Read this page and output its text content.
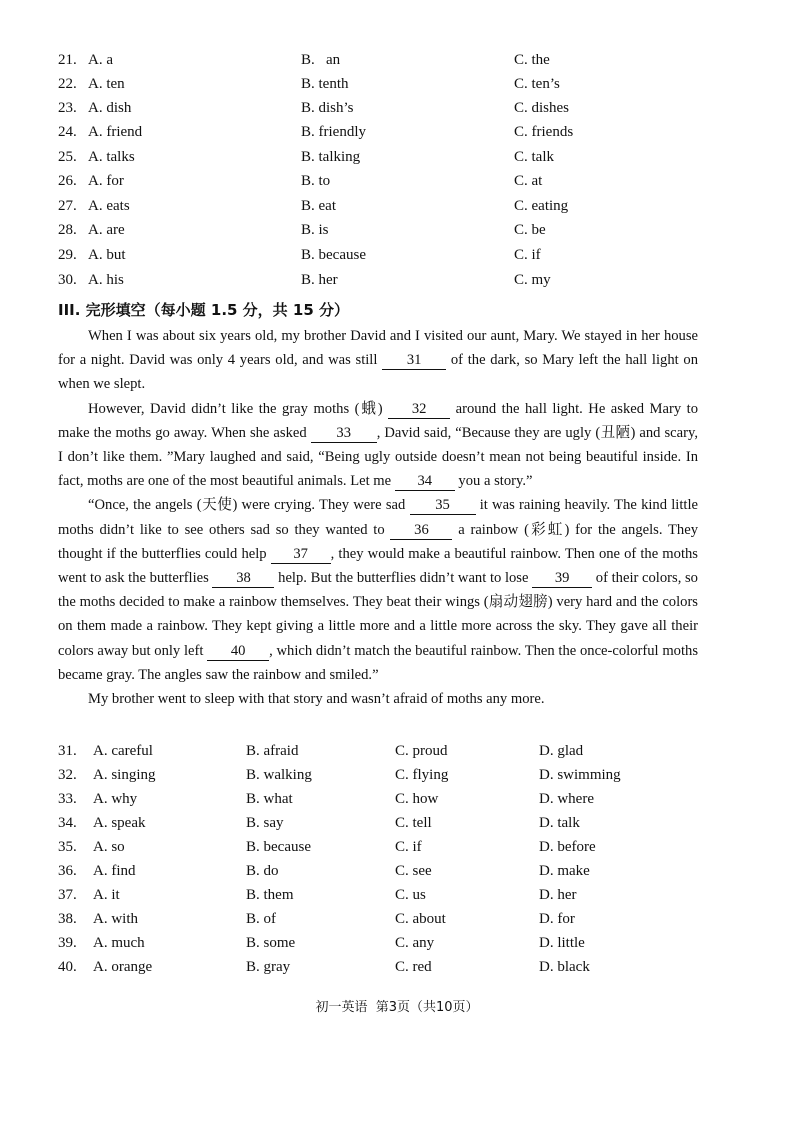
21. A. a	B.   an	C. the
22. A. ten	B. tenth	C. ten’s
23. A. dish	B. dish’s	C. dishes
24. A. friend	B. friendly	C. friends
25. A. talks	B. talking	C. talk
26. A. for	B. to	C. at
27. A. eats	B. eat	C. eating
28. A. are	B. is	C. be
29. A. but	B. because	C. if
30. A. his	B. her	C. my
III. 完形填空（每小题 1.5 分，共 15 分）

When I was about six years old, my brother David and I visited our aunt, Mary. We stayed in her house for a night. David was only 4 years old, and was still 31 of the dark, so Mary left the hall light on when we slept.

However, David didn’t like the gray moths (蛾) 32 around the hall light. He asked Mary to make the moths go away. When she asked 33 , David said, “Because they are ugly (丑陋) and scary, I don’t like them. ”Mary laughed and said, “Being ugly outside doesn’t mean not being beautiful inside. In fact, moths are one of the most beautiful animals. Let me 34 you a story.”

“Once, the angels (天使) were crying. They were sad 35 it was raining heavily. The kind little moths didn’t like to see others sad so they wanted to 36 a rainbow (彩虹) for the angels. They thought if the butterflies could help 37 , they would make a beautiful rainbow. Then one of the moths went to ask the butterflies 38 help. But the butterflies didn’t want to lose 39 of their colors, so the moths decided to make a rainbow themselves. They beat their wings (扇动翅膀) very hard and the colors on them made a rainbow. They kept giving a little more and a little more across the sky. They gave all their colors away but only left 40 , which didn’t match the beautiful rainbow. Then the once-colorful moths became gray. The angles saw the rainbow and smiled.”

My brother went to sleep with that story and wasn’t afraid of moths any more.

31.	A. careful	B. afraid	C. proud	D. glad
32.	A. singing	B. walking	C. flying	D. swimming
33.	A. why	B. what	C. how	D. where
34.	A. speak	B. say	C. tell	D. talk
35.	A. so	B. because	C. if	D. before
36.	A. find	B. do	C. see	D. make
37.	A. it	B. them	C. us	D. her
38.	A. with	B. of	C. about	D. for
39.	A. much	B. some	C. any	D. little
40.	A. orange	B. gray	C. red	D. black
初一英语  第3页（共10页）
